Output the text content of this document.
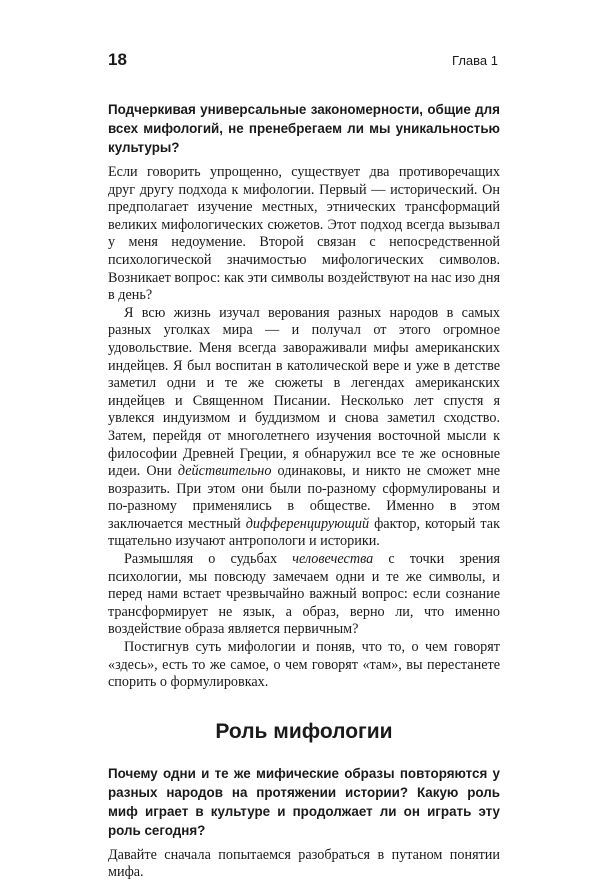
18	Глава 1

Подчеркивая универсальные закономерности, общие для всех мифологий, не пренебрегаем ли мы уникальностью культуры?

Если говорить упрощенно, существует два противоречащих друг другу подхода к мифологии. Первый — исторический. Он предполагает изучение местных, этнических трансформаций великих мифологических сюжетов. Этот подход всегда вызывал у меня недоумение. Второй связан с непосредственной психологической значимостью мифологических символов. Возникает вопрос: как эти символы воздействуют на нас изо дня в день?

Я всю жизнь изучал верования разных народов в самых разных уголках мира — и получал от этого огромное удовольствие. Меня всегда завораживали мифы американских индейцев. Я был воспитан в католической вере и уже в детстве заметил одни и те же сюжеты в легендах американских индейцев и Священном Писании. Несколько лет спустя я увлекся индуизмом и буддизмом и снова заметил сходство. Затем, перейдя от многолетнего изучения восточной мысли к философии Древней Греции, я обнаружил все те же основные идеи. Они действительно одинаковы, и никто не сможет мне возразить. При этом они были по-разному сформулированы и по-разному применялись в обществе. Именно в этом заключается местный дифференцирующий фактор, который так тщательно изучают антропологи и историки.

Размышляя о судьбах человечества с точки зрения психологии, мы повсюду замечаем одни и те же символы, и перед нами встает чрезвычайно важный вопрос: если сознание трансформирует не язык, а образ, верно ли, что именно воздействие образа является первичным?

Постигнув суть мифологии и поняв, что то, о чем говорят «здесь», есть то же самое, о чем говорят «там», вы перестанете спорить о формулировках.

Роль мифологии

Почему одни и те же мифические образы повторяются у разных народов на протяжении истории? Какую роль миф играет в культуре и продолжает ли он играть эту роль сегодня?

Давайте сначала попытаемся разобраться в путаном понятии мифа.
